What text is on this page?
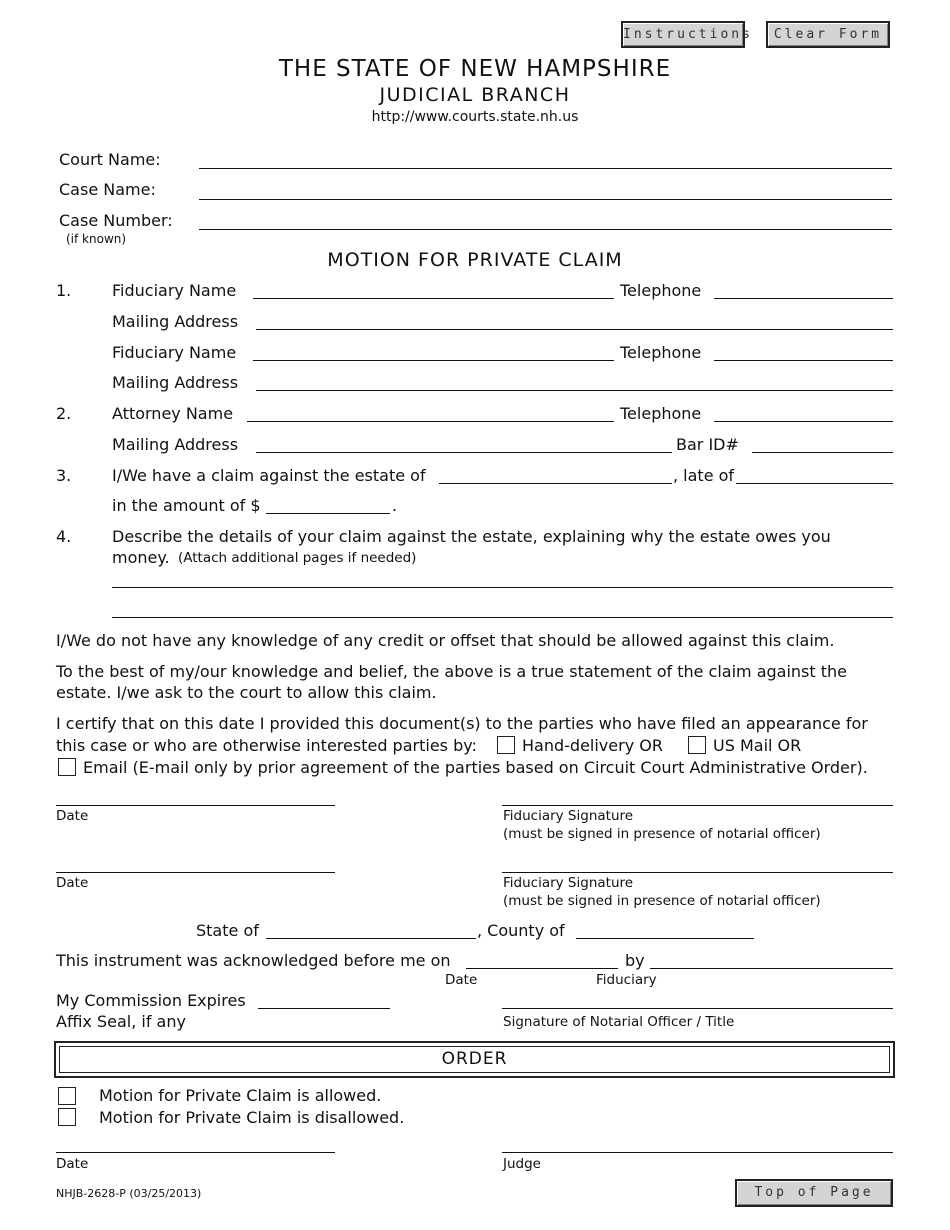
Instructions	Clear Form
THE STATE OF NEW HAMPSHIRE
JUDICIAL BRANCH
http://www.courts.state.nh.us
Court Name:
Case Name:
Case Number:
(if known)
MOTION FOR PRIVATE CLAIM
1.	Fiduciary Name	Telephone
Mailing Address
Fiduciary Name	Telephone
Mailing Address
2.	Attorney Name	Telephone
Mailing Address	Bar ID#
3.	I/We have a claim against the estate of	, late of
in the amount of $	.
4.	Describe the details of your claim against the estate, explaining why the estate owes you
money. (Attach additional pages if needed)
I/We do not have any knowledge of any credit or offset that should be allowed against this claim.
To the best of my/our knowledge and belief, the above is a true statement of the claim against the
estate. I/we ask to the court to allow this claim.
I certify that on this date I provided this document(s) to the parties who have filed an appearance for
this case or who are otherwise interested parties by:	Hand-delivery OR	US Mail OR
Email (E-mail only by prior agreement of the parties based on Circuit Court Administrative Order).
Date	Fiduciary Signature
(must be signed in presence of notarial officer)
Date	Fiduciary Signature
(must be signed in presence of notarial officer)
State of	, County of
This instrument was acknowledged before me on	by
Date	Fiduciary
My Commission Expires
Affix Seal, if any	Signature of Notarial Officer / Title
ORDER
Motion for Private Claim is allowed.
Motion for Private Claim is disallowed.
Date	Judge
NHJB-2628-P (03/25/2013)	Top of Page
